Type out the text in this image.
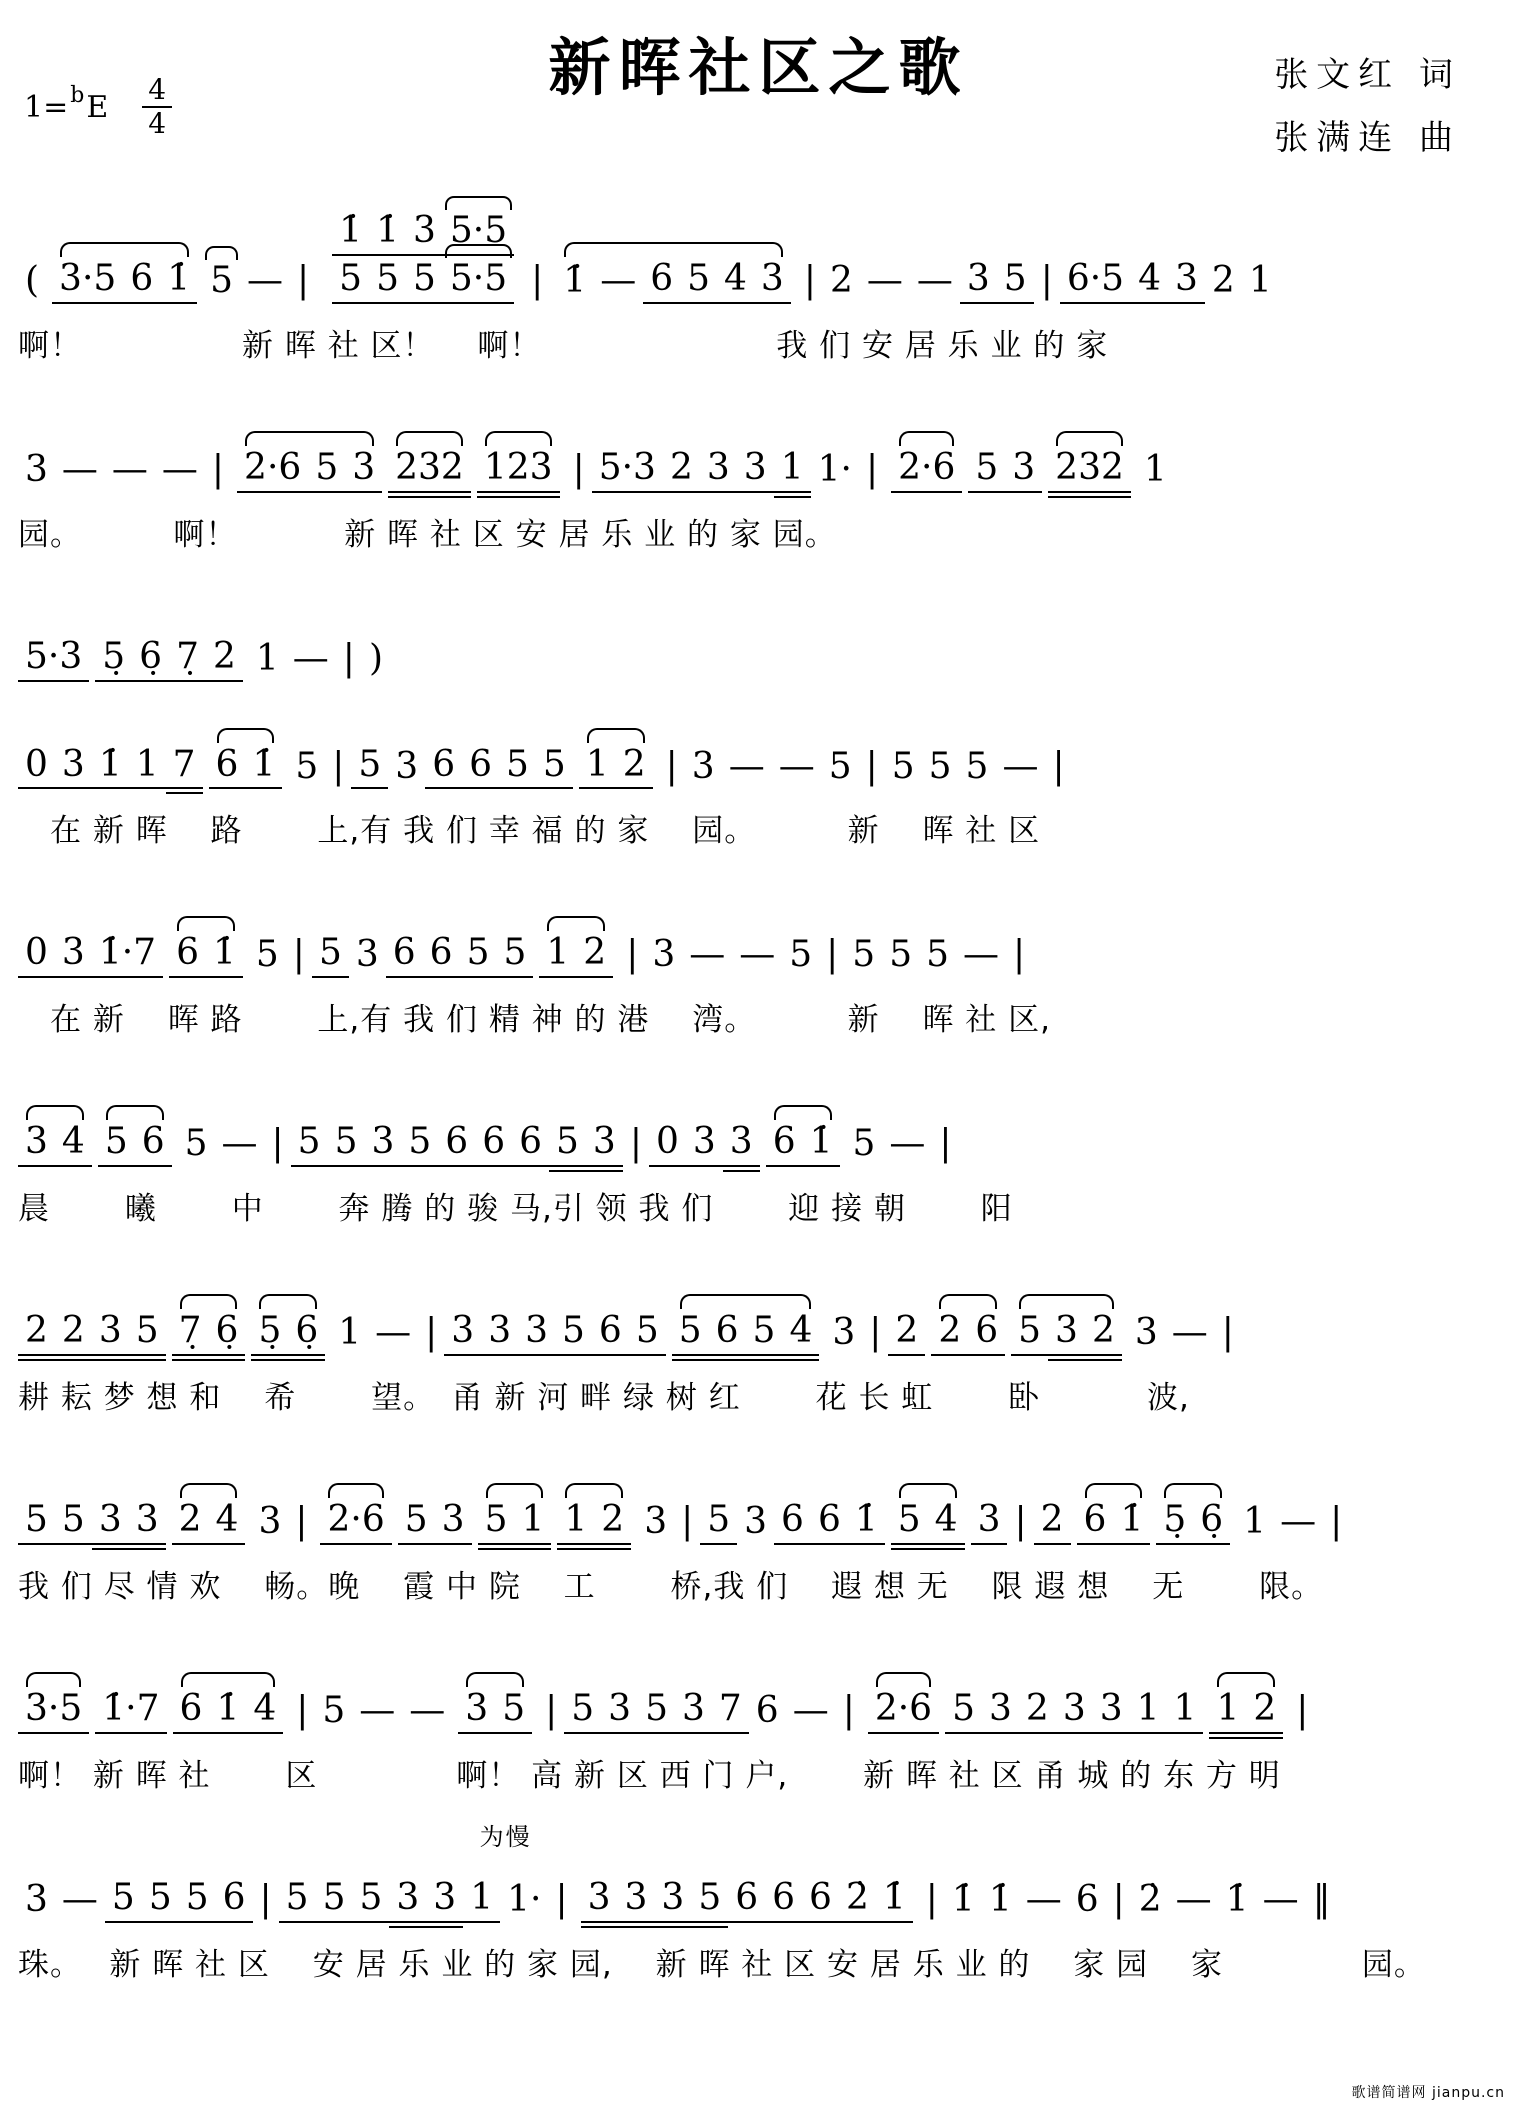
新晖社区之歌
1= b E $\frac{4}{4}$	张文红 词
张满连 曲
( 3·5 6 1̇ 5 — |
1̇ 1̇ 3 5·5
5 5 5 5·5 | 1̇ — 6 5 4 3 | 2 — — 3 5 | 6·5 4 3 2 1
啊！　　　　　新 晖 社 区！　 啊！　　　　　　　 我 们 安 居 乐 业 的 家
3 — — — | 2·6 5 3 232 123 | 5·3 2 3 3 1 1· | 2·6 5 3 232 1
园。　　　 啊！　　　 新 晖 社 区 安 居 乐 业 的 家 园。
5·3 5̣ 6̣ 7̣ 2 1 — | )
0 3 1̇ 1 7 6 1̇ 5 | 5 3 6 6 5 5 1 2 | 3 — — 5 | 5 5 5 — |
　在 新 晖　 路　　 上,有 我 们 幸 福 的 家　 园。　　　 新　 晖 社 区
0 3 1̇·7 6 1̇ 5 | 5 3 6 6 5 5 1 2 | 3 — — 5 | 5 5 5 — |
　在 新　 晖 路　　 上,有 我 们 精 神 的 港　 湾。　　　 新　 晖 社 区,
3 4 5 6 5 — | 5 5 3 5 6 6 6 5 3 | 0 3 3 6 1̇ 5 — |
晨　　 曦　　 中　　 奔 腾 的 骏 马,引 领 我 们　　 迎 接 朝　　 阳
2 2 3 5 7̣ 6̣ 5̣ 6̣ 1 — | 3 3 3 5 6 5 5 6 5 4 3 | 2 2 6 5 3 2 3 — |
耕 耘 梦 想 和　 希　　 望。　甬 新 河 畔 绿 树 红　　 花 长 虹　　 卧　　　 波,
5 5 3 3 2 4 3 | 2·6 5 3 5 1 1 2 3 | 5 3 6 6 1̇ 5 4 3 | 2 6 1̇ 5̣ 6̣ 1 — |
我 们 尽 情 欢　 畅。晚　 霞 中 院　 工　　 桥,我 们　 遐 想 无　 限 遐 想　 无　　 限。
3·5 1̇·7 6 1̇ 4 | 5 — — 3 5 | 5 3 5 3 7 6 — | 2·6 5 3 2 3 3 1 1 1 2 |
啊！ 新 晖 社　　 区　　　　 啊！ 高 新 区 西 门 户,　　 新 晖 社 区 甬 城 的 东 方 明
为慢
3 — 5 5 5 6 | 5 5 5 3 3 1 1· | 3 3 3 5 6 6 6 2̇ 1̇ | 1̇ 1̇ — 6 | 2̇ — 1̇ — ‖
珠。　 新 晖 社 区　 安 居 乐 业 的 家 园,　 新 晖 社 区 安 居 乐 业 的　 家 园　 家　　　　 园。
歌谱简谱网 jianpu.cn
